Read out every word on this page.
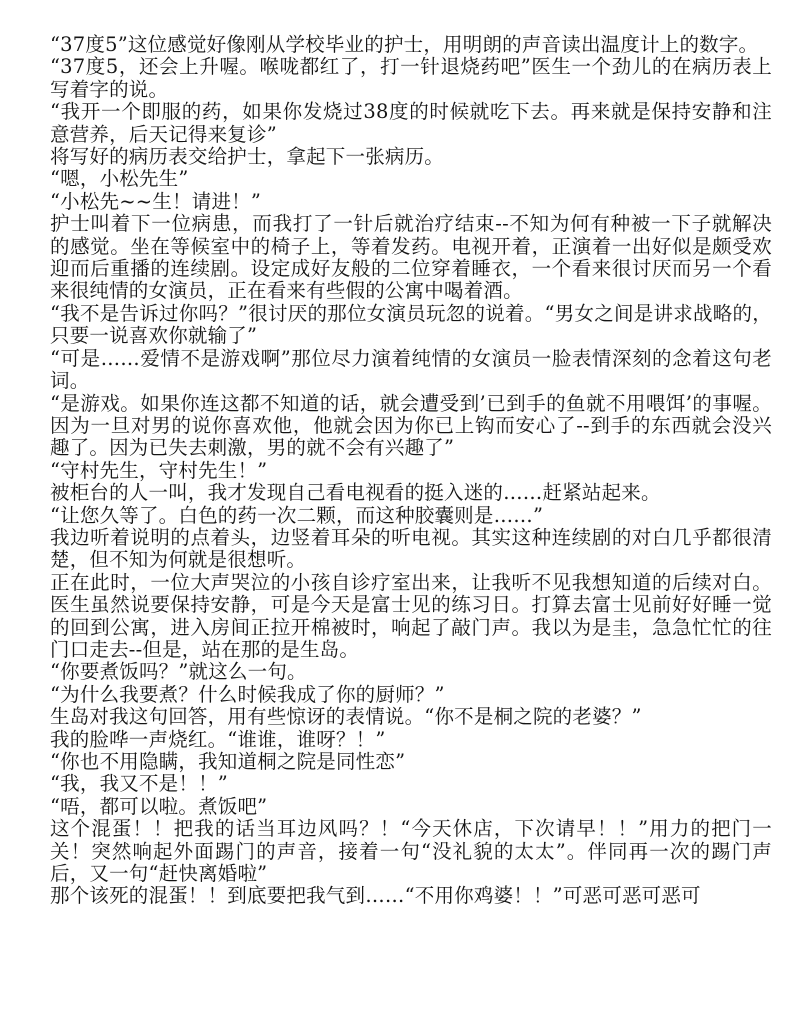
“37度5”这位感觉好像刚从学校毕业的护士，用明朗的声音读出温度计上的数字。

“37度5，还会上升喔。喉咙都红了，打一针退烧药吧”医生一个劲儿的在病历表上写着字的说。

“我开一个即服的药，如果你发烧过38度的时候就吃下去。再来就是保持安静和注意营养，后天记得来复诊”

将写好的病历表交给护士，拿起下一张病历。

“嗯，小松先生”

“小松先~~生！请进！”

护士叫着下一位病患，而我打了一针后就治疗结束--不知为何有种被一下子就解决的感觉。坐在等候室中的椅子上，等着发药。电视开着，正演着一出好似是颇受欢迎而后重播的连续剧。设定成好友般的二位穿着睡衣，一个看来很讨厌而另一个看来很纯情的女演员，正在看来有些假的公寓中喝着酒。

“我不是告诉过你吗？”很讨厌的那位女演员玩忽的说着。“男女之间是讲求战略的，只要一说喜欢你就输了”

“可是……爱情不是游戏啊”那位尽力演着纯情的女演员一脸表情深刻的念着这句老词。

“是游戏。如果你连这都不知道的话，就会遭受到’已到手的鱼就不用喂饵’的事喔。因为一旦对男的说你喜欢他，他就会因为你已上钩而安心了--到手的东西就会没兴趣了。因为已失去刺激，男的就不会有兴趣了”

“守村先生，守村先生！”

被柜台的人一叫，我才发现自己看电视看的挺入迷的……赶紧站起来。

“让您久等了。白色的药一次二颗，而这种胶囊则是……”

我边听着说明的点着头，边竖着耳朵的听电视。其实这种连续剧的对白几乎都很清楚，但不知为何就是很想听。

正在此时，一位大声哭泣的小孩自诊疗室出来，让我听不见我想知道的后续对白。医生虽然说要保持安静，可是今天是富士见的练习日。打算去富士见前好好睡一觉的回到公寓，进入房间正拉开棉被时，响起了敲门声。我以为是圭，急急忙忙的往门口走去--但是，站在那的是生岛。

“你要煮饭吗？”就这么一句。

“为什么我要煮？什么时候我成了你的厨师？”

生岛对我这句回答，用有些惊讶的表情说。“你不是桐之院的老婆？”

我的脸哗一声烧红。“谁谁，谁呀？！”

“你也不用隐瞒，我知道桐之院是同性恋”

“我，我又不是！！”

“唔，都可以啦。煮饭吧”

这个混蛋！！把我的话当耳边风吗？！“今天休店，下次请早！！”用力的把门一关！突然响起外面踢门的声音，接着一句“没礼貌的太太”。伴同再一次的踢门声后，又一句“赶快离婚啦”

那个该死的混蛋！！到底要把我气到……“不用你鸡婆！！”可恶可恶可恶可
